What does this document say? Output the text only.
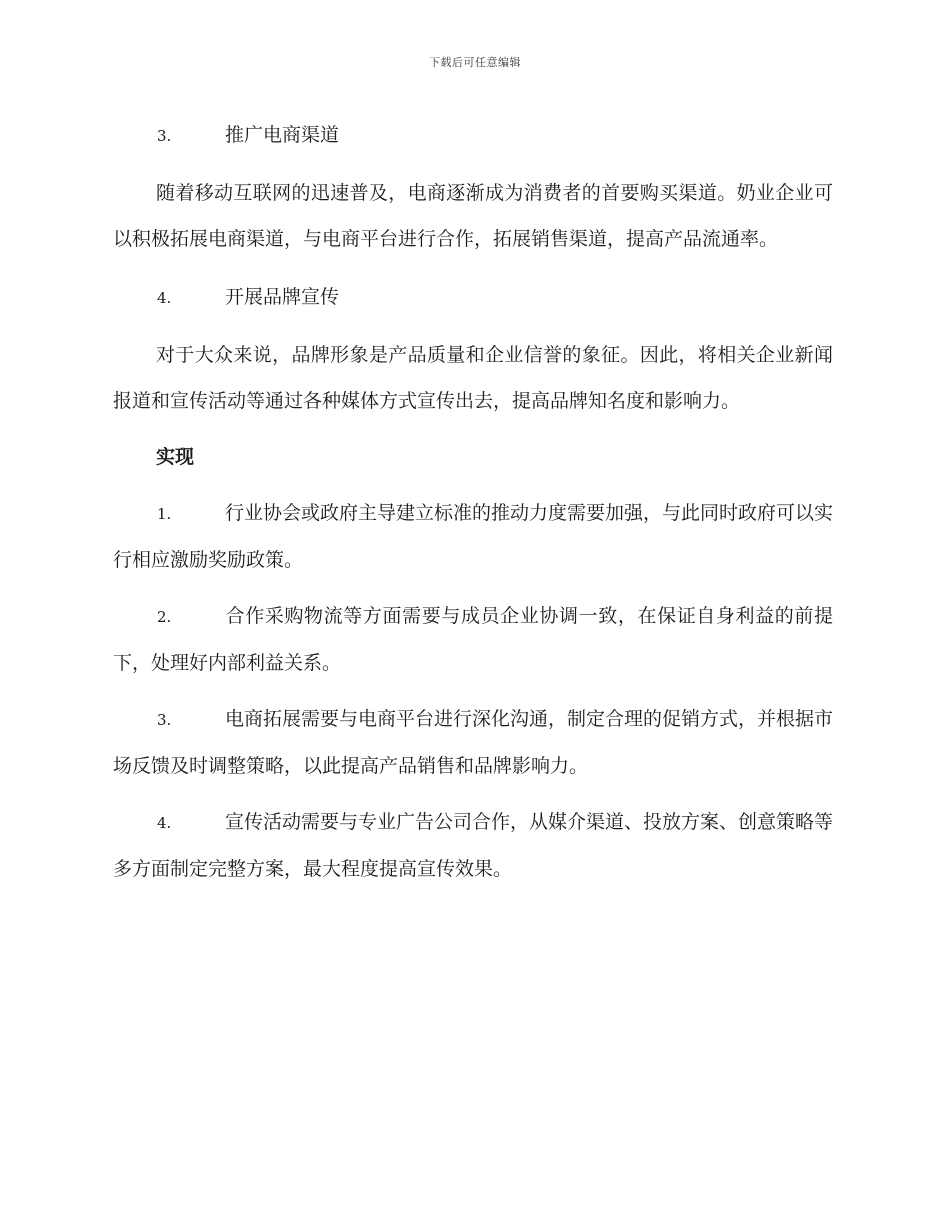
下载后可任意编辑
3.	推广电商渠道

随着移动互联网的迅速普及，电商逐渐成为消费者的首要购买渠道。奶业企业可以积极拓展电商渠道，与电商平台进行合作，拓展销售渠道，提高产品流通率。

4.	开展品牌宣传

对于大众来说，品牌形象是产品质量和企业信誉的象征。因此，将相关企业新闻报道和宣传活动等通过各种媒体方式宣传出去，提高品牌知名度和影响力。

实现

1.	行业协会或政府主导建立标准的推动力度需要加强，与此同时政府可以实行相应激励奖励政策。

2.	合作采购物流等方面需要与成员企业协调一致，在保证自身利益的前提下，处理好内部利益关系。

3.	电商拓展需要与电商平台进行深化沟通，制定合理的促销方式，并根据市场反馈及时调整策略，以此提高产品销售和品牌影响力。

4.	宣传活动需要与专业广告公司合作，从媒介渠道、投放方案、创意策略等多方面制定完整方案，最大程度提高宣传效果。
